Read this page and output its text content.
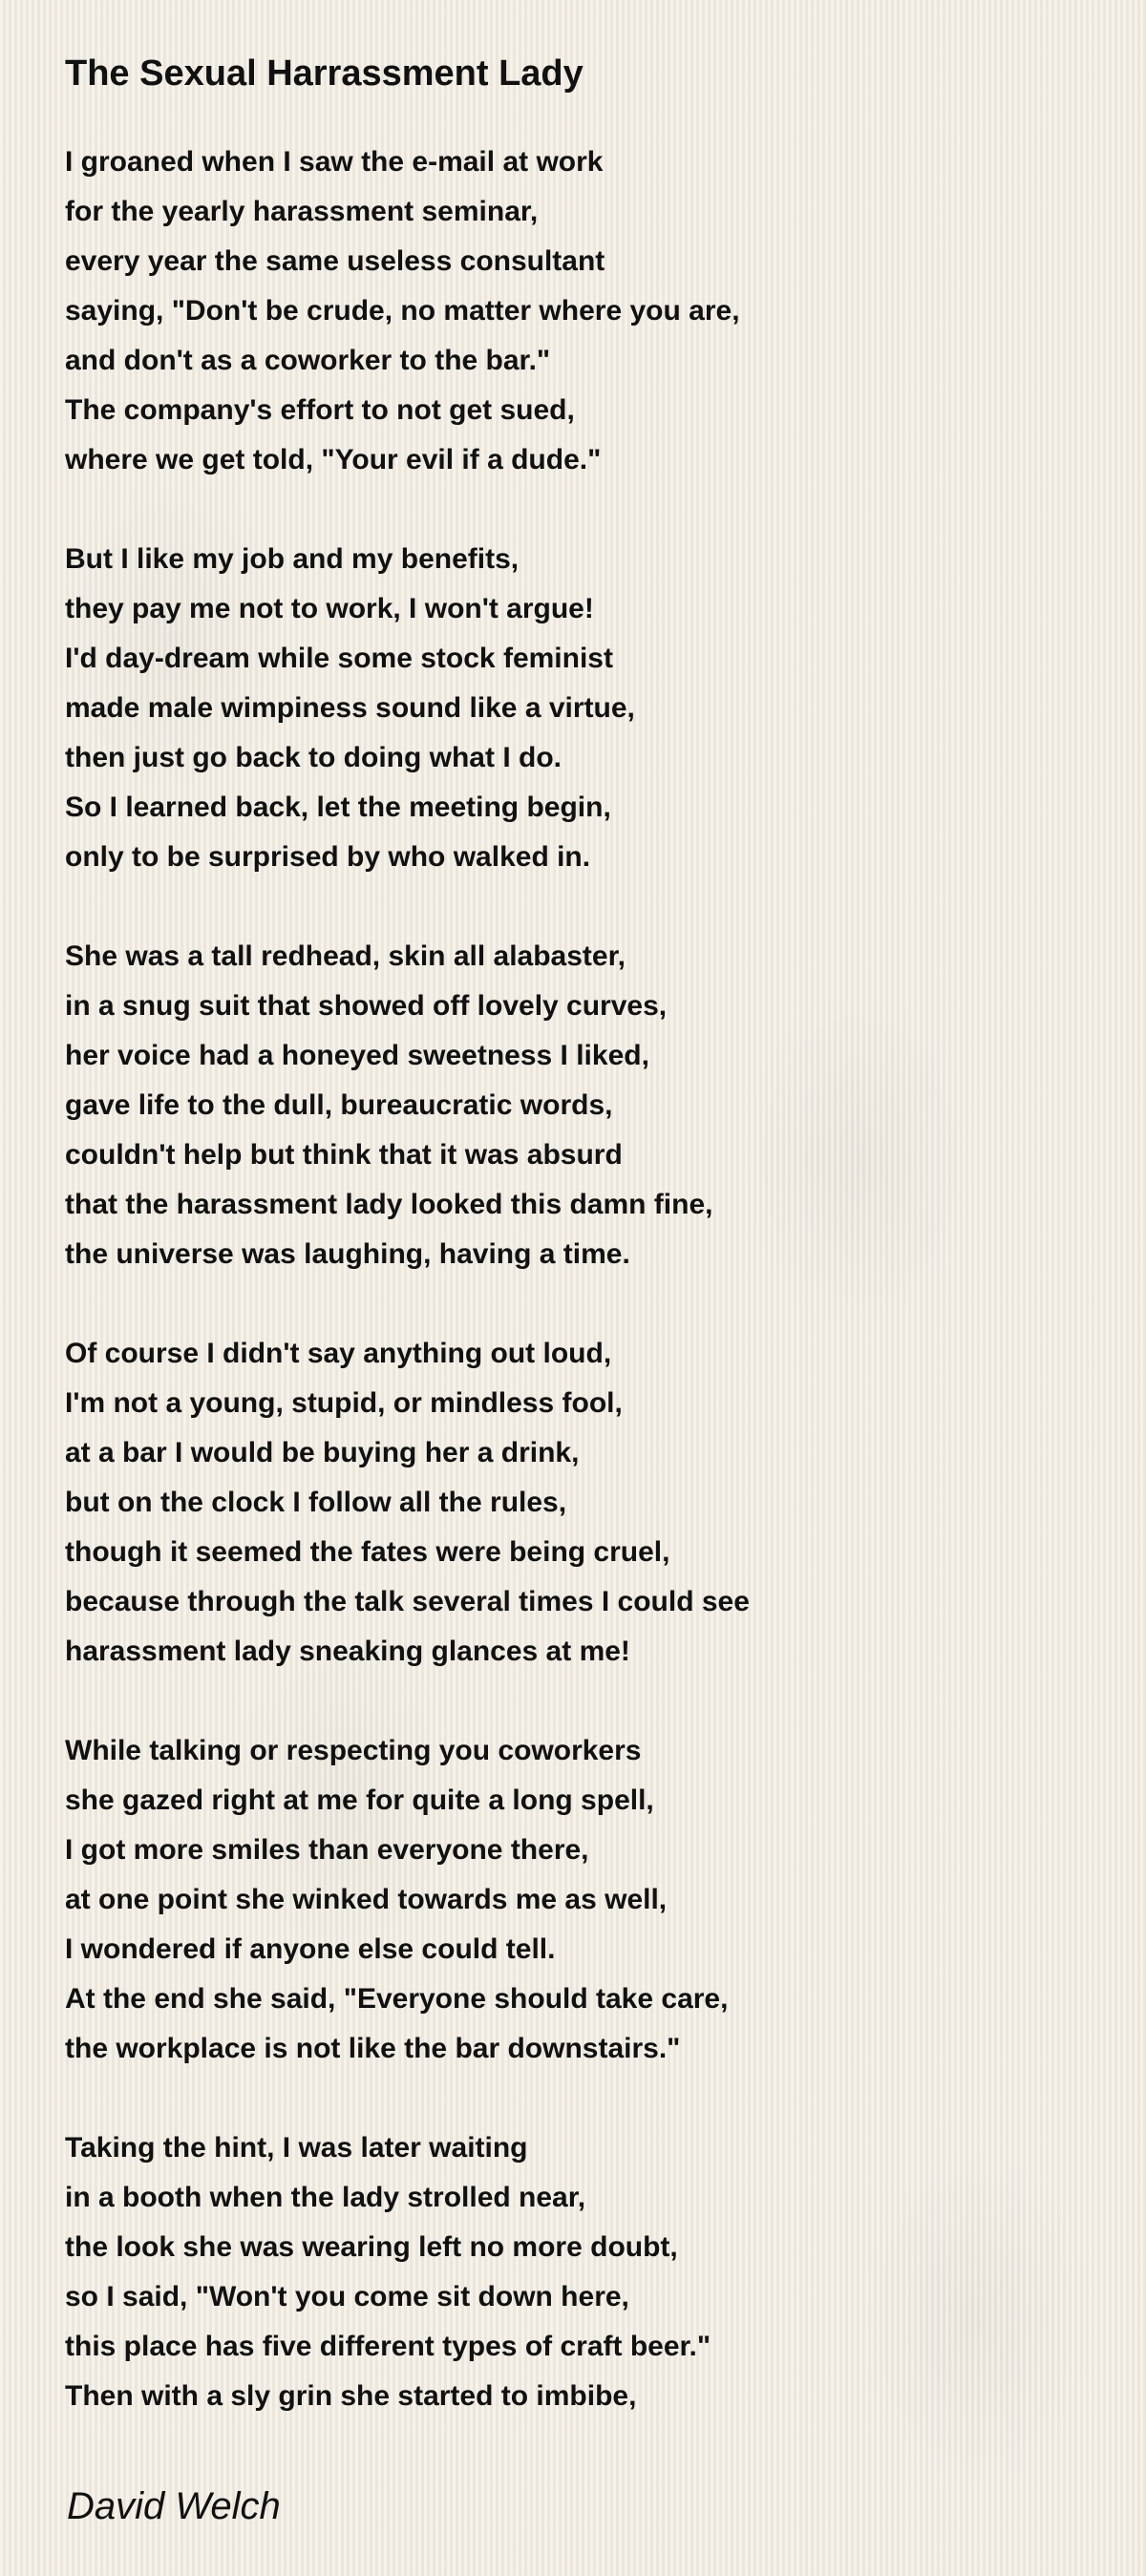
The Sexual Harrassment Lady
I groaned when I saw the e-mail at work
for the yearly harassment seminar,
every year the same useless consultant
saying, "Don't be crude, no matter where you are,
and don't as a coworker to the bar."
The company's effort to not get sued,
where we get told, "Your evil if a dude."
But I like my job and my benefits,
they pay me not to work, I won't argue!
I'd day-dream while some stock feminist
made male wimpiness sound like a virtue,
then just go back to doing what I do.
So I learned back, let the meeting begin,
only to be surprised by who walked in.
She was a tall redhead, skin all alabaster,
in a snug suit that showed off lovely curves,
her voice had a honeyed sweetness I liked,
gave life to the dull, bureaucratic words,
couldn't help but think that it was absurd
that the harassment lady looked this damn fine,
the universe was laughing, having a time.
Of course I didn't say anything out loud,
I'm not a young, stupid, or mindless fool,
at a bar I would be buying her a drink,
but on the clock I follow all the rules,
though it seemed the fates were being cruel,
because through the talk several times I could see
harassment lady sneaking glances at me!
While talking or respecting you coworkers
she gazed right at me for quite a long spell,
I got more smiles than everyone there,
at one point she winked towards me as well,
I wondered if anyone else could tell.
At the end she said, "Everyone should take care,
the workplace is not like the bar downstairs."
Taking the hint, I was later waiting
in a booth when the lady strolled near,
the look she was wearing left no more doubt,
so I said, "Won't you come sit down here,
this place has five different types of craft beer."
Then with a sly grin she started to imbibe,

David Welch
